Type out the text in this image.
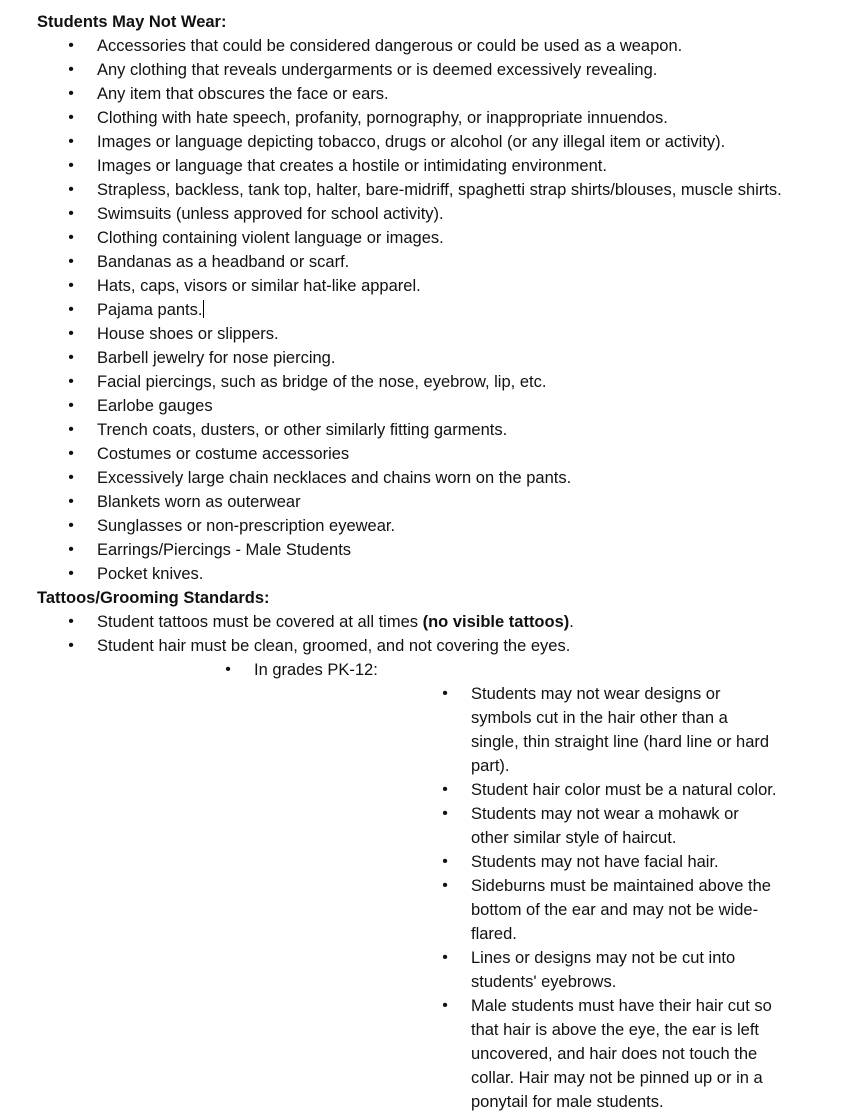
Students May Not Wear:
• Accessories that could be considered dangerous or could be used as a weapon.
• Any clothing that reveals undergarments or is deemed excessively revealing.
• Any item that obscures the face or ears.
• Clothing with hate speech, profanity, pornography, or inappropriate innuendos.
• Images or language depicting tobacco, drugs or alcohol (or any illegal item or activity).
• Images or language that creates a hostile or intimidating environment.
• Strapless, backless, tank top, halter, bare-midriff, spaghetti strap shirts/blouses, muscle shirts.
• Swimsuits (unless approved for school activity).
• Clothing containing violent language or images.
• Bandanas as a headband or scarf.
• Hats, caps, visors or similar hat-like apparel.
• Pajama pants.
• House shoes or slippers.
• Barbell jewelry for nose piercing.
• Facial piercings, such as bridge of the nose, eyebrow, lip, etc.
• Earlobe gauges
• Trench coats, dusters, or other similarly fitting garments.
• Costumes or costume accessories
• Excessively large chain necklaces and chains worn on the pants.
• Blankets worn as outerwear
• Sunglasses or non-prescription eyewear.
• Earrings/Piercings - Male Students
• Pocket knives.
Tattoos/Grooming Standards:
• Student tattoos must be covered at all times (no visible tattoos).
• Student hair must be clean, groomed, and not covering the eyes.
• In grades PK-12:
• Students may not wear designs or symbols cut in the hair other than a single, thin straight line (hard line or hard part).
• Student hair color must be a natural color.
• Students may not wear a mohawk or other similar style of haircut.
• Students may not have facial hair.
• Sideburns must be maintained above the bottom of the ear and may not be wide-flared.
• Lines or designs may not be cut into students' eyebrows.
• Male students must have their hair cut so that hair is above the eye, the ear is left uncovered, and hair does not touch the collar. Hair may not be pinned up or in a ponytail for male students.
